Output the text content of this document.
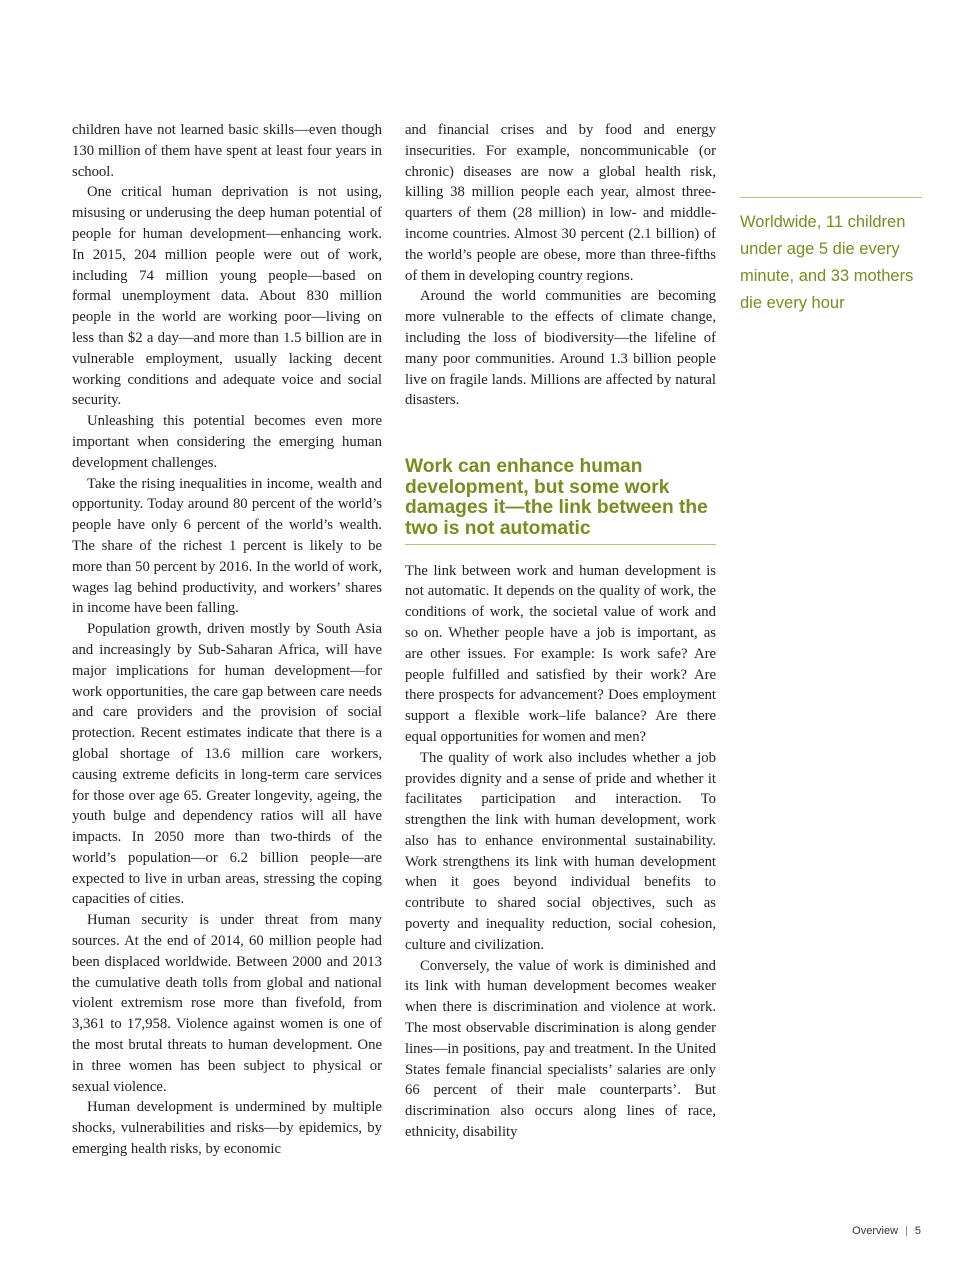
children have not learned basic skills—even though 130 million of them have spent at least four years in school.

One critical human deprivation is not using, misusing or underusing the deep human potential of people for human development—enhancing work. In 2015, 204 million people were out of work, including 74 million young people—based on formal unemployment data. About 830 million people in the world are working poor—living on less than $2 a day—and more than 1.5 billion are in vulnerable employment, usually lacking decent working conditions and adequate voice and social security.

Unleashing this potential becomes even more important when considering the emerging human development challenges.

Take the rising inequalities in income, wealth and opportunity. Today around 80 percent of the world’s people have only 6 percent of the world’s wealth. The share of the richest 1 percent is likely to be more than 50 percent by 2016. In the world of work, wages lag behind productivity, and workers’ shares in income have been falling.

Population growth, driven mostly by South Asia and increasingly by Sub-Saharan Africa, will have major implications for human development—for work opportunities, the care gap between care needs and care providers and the provision of social protection. Recent estimates indicate that there is a global shortage of 13.6 million care workers, causing extreme deficits in long-term care services for those over age 65. Greater longevity, ageing, the youth bulge and dependency ratios will all have impacts. In 2050 more than two-thirds of the world’s population—or 6.2 billion people—are expected to live in urban areas, stressing the coping capacities of cities.

Human security is under threat from many sources. At the end of 2014, 60 million people had been displaced worldwide. Between 2000 and 2013 the cumulative death tolls from global and national violent extremism rose more than fivefold, from 3,361 to 17,958. Violence against women is one of the most brutal threats to human development. One in three women has been subject to physical or sexual violence.

Human development is undermined by multiple shocks, vulnerabilities and risks—by epidemics, by emerging health risks, by economic

and financial crises and by food and energy insecurities. For example, noncommunicable (or chronic) diseases are now a global health risk, killing 38 million people each year, almost three-quarters of them (28 million) in low- and middle-income countries. Almost 30 percent (2.1 billion) of the world’s people are obese, more than three-fifths of them in developing country regions.

Around the world communities are becoming more vulnerable to the effects of climate change, including the loss of biodiversity—the lifeline of many poor communities. Around 1.3 billion people live on fragile lands. Millions are affected by natural disasters.

Work can enhance human development, but some work damages it—the link between the two is not automatic

The link between work and human development is not automatic. It depends on the quality of work, the conditions of work, the societal value of work and so on. Whether people have a job is important, as are other issues. For example: Is work safe? Are people fulfilled and satisfied by their work? Are there prospects for advancement? Does employment support a flexible work–life balance? Are there equal opportunities for women and men?

The quality of work also includes whether a job provides dignity and a sense of pride and whether it facilitates participation and interaction. To strengthen the link with human development, work also has to enhance environmental sustainability. Work strengthens its link with human development when it goes beyond individual benefits to contribute to shared social objectives, such as poverty and inequality reduction, social cohesion, culture and civilization.

Conversely, the value of work is diminished and its link with human development becomes weaker when there is discrimination and violence at work. The most observable discrimination is along gender lines—in positions, pay and treatment. In the United States female financial specialists’ salaries are only 66 percent of their male counterparts’. But discrimination also occurs along lines of race, ethnicity, disability

Worldwide, 11 children under age 5 die every minute, and 33 mothers die every hour
Overview | 5
